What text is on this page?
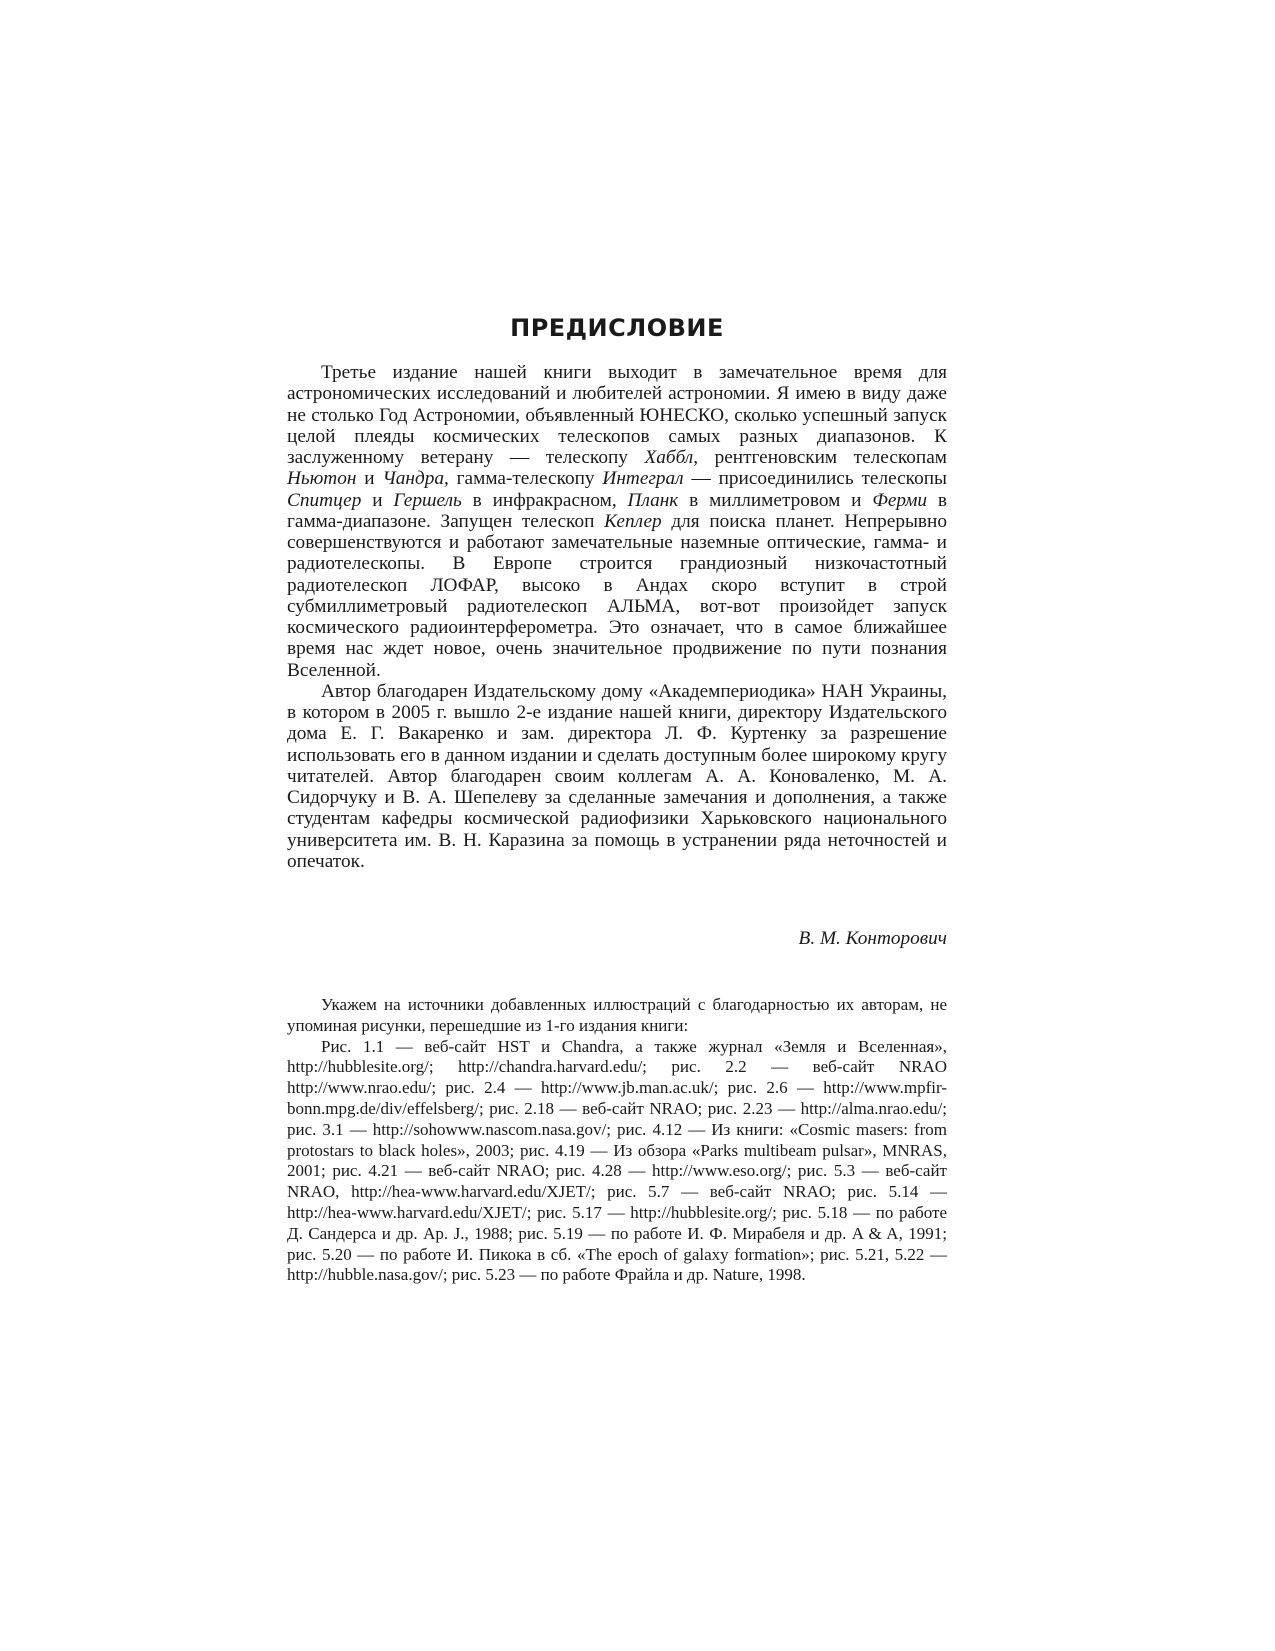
ПРЕДИСЛОВИЕ

Третье издание нашей книги выходит в замечательное время для астрономических исследований и любителей астрономии. Я имею в виду даже не столько Год Астрономии, объявленный ЮНЕСКО, сколько успешный запуск целой плеяды космических телескопов самых разных диапазонов. К заслуженному ветерану — телескопу Хаббл, рентгеновским телескопам Ньютон и Чандра, гамма-телескопу Интеграл — присоединились телескопы Спитцер и Гершель в инфракрасном, Планк в миллиметровом и Ферми в гамма-диапазоне. Запущен телескоп Кеплер для поиска планет. Непрерывно совершенствуются и работают замечательные наземные оптические, гамма- и радиотелескопы. В Европе строится грандиозный низкочастотный радиотелескоп ЛОФАР, высоко в Андах скоро вступит в строй субмиллиметровый радиотелескоп АЛЬМА, вот-вот произойдет запуск космического радиоинтерферометра. Это означает, что в самое ближайшее время нас ждет новое, очень значительное продвижение по пути познания Вселенной.

Автор благодарен Издательскому дому «Академпериодика» НАН Украины, в котором в 2005 г. вышло 2-е издание нашей книги, директору Издательского дома Е. Г. Вакаренко и зам. директора Л. Ф. Куртенку за разрешение использовать его в данном издании и сделать доступным более широкому кругу читателей. Автор благодарен своим коллегам А. А. Коноваленко, М. А. Сидорчуку и В. А. Шепелеву за сделанные замечания и дополнения, а также студентам кафедры космической радиофизики Харьковского национального университета им. В. Н. Каразина за помощь в устранении ряда неточностей и опечаток.

В. М. Конторович

Укажем на источники добавленных иллюстраций с благодарностью их авторам, не упоминая рисунки, перешедшие из 1-го издания книги:

Рис. 1.1 — веб-сайт HST и Chandra, а также журнал «Земля и Вселенная», http://hubblesite.org/; http://chandra.harvard.edu/; рис. 2.2 — веб-сайт NRAO http://www.nrao.edu/; рис. 2.4 — http://www.jb.man.ac.uk/; рис. 2.6 — http://www.mpfir-bonn.mpg.de/div/effelsberg/; рис. 2.18 — веб-сайт NRAO; рис. 2.23 — http://alma.nrao.edu/; рис. 3.1 — http://sohowww.nascom.nasa.gov/; рис. 4.12 — Из книги: «Cosmic masers: from protostars to black holes», 2003; рис. 4.19 — Из обзора «Parks multibeam pulsar», MNRAS, 2001; рис. 4.21 — веб-сайт NRAO; рис. 4.28 — http://www.eso.org/; рис. 5.3 — веб-сайт NRAO, http://hea-www.harvard.edu/XJET/; рис. 5.7 — веб-сайт NRAO; рис. 5.14 — http://hea-www.harvard.edu/XJET/; рис. 5.17 — http://hubblesite.org/; рис. 5.18 — по работе Д. Сандерса и др. Ap. J., 1988; рис. 5.19 — по работе И. Ф. Мирабеля и др. A & A, 1991; рис. 5.20 — по работе И. Пикока в сб. «The epoch of galaxy formation»; рис. 5.21, 5.22 — http://hubble.nasa.gov/; рис. 5.23 — по работе Фрайла и др. Nature, 1998.
